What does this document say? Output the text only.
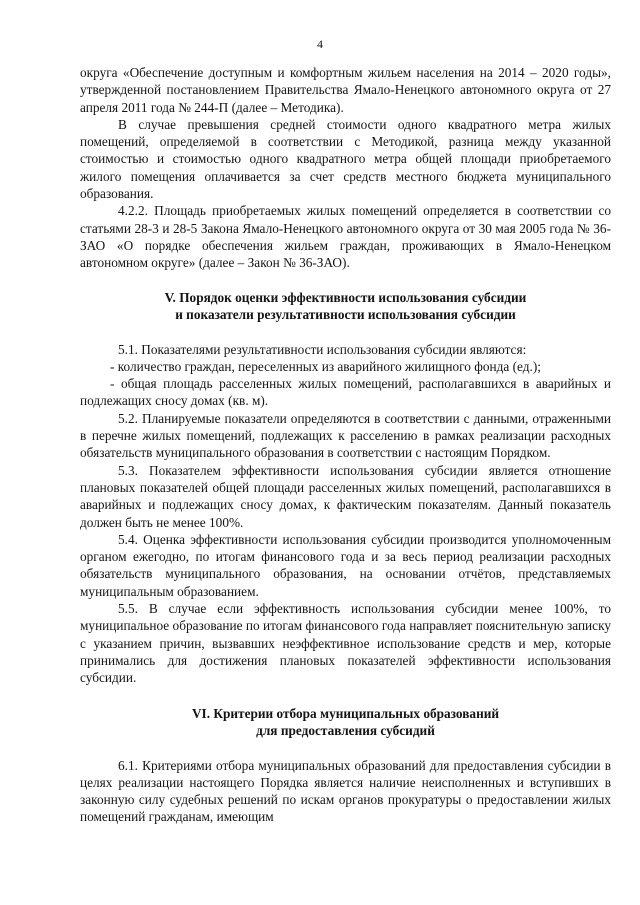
4

округа «Обеспечение доступным и комфортным жильем населения на 2014 – 2020 годы», утвержденной постановлением Правительства Ямало-Ненецкого автономного округа от 27 апреля 2011 года № 244-П (далее – Методика).

В случае превышения средней стоимости одного квадратного метра жилых помещений, определяемой в соответствии с Методикой, разница между указанной стоимостью и стоимостью одного квадратного метра общей площади приобретаемого жилого помещения оплачивается за счет средств местного бюджета муниципального образования.

4.2.2. Площадь приобретаемых жилых помещений определяется в соответствии со статьями 28-3 и 28-5 Закона Ямало-Ненецкого автономного округа от 30 мая 2005 года № 36-ЗАО «О порядке обеспечения жильем граждан, проживающих в Ямало-Ненецком автономном округе» (далее – Закон № 36-ЗАО).

V. Порядок оценки эффективности использования субсидии
и показатели результативности использования субсидии

5.1. Показателями результативности использования субсидии являются:

- количество граждан, переселенных из аварийного жилищного фонда (ед.);

- общая площадь расселенных жилых помещений, располагавшихся в аварийных и подлежащих сносу домах (кв. м).

5.2. Планируемые показатели определяются в соответствии с данными, отраженными в перечне жилых помещений, подлежащих к расселению в рамках реализации расходных обязательств муниципального образования в соответствии с настоящим Порядком.

5.3. Показателем эффективности использования субсидии является отношение плановых показателей общей площади расселенных жилых помещений, располагавшихся в аварийных и подлежащих сносу домах, к фактическим показателям. Данный показатель должен быть не менее 100%.

5.4. Оценка эффективности использования субсидии производится уполномоченным органом ежегодно, по итогам финансового года и за весь период реализации расходных обязательств муниципального образования, на основании отчётов, представляемых муниципальным образованием.

5.5. В случае если эффективность использования субсидии менее 100%, то муниципальное образование по итогам финансового года направляет пояснительную записку с указанием причин, вызвавших неэффективное использование средств и мер, которые принимались для достижения плановых показателей эффективности использования субсидии.

VI. Критерии отбора муниципальных образований
для предоставления субсидий

6.1. Критериями отбора муниципальных образований для предоставления субсидии в целях реализации настоящего Порядка является наличие неисполненных и вступивших в законную силу судебных решений по искам органов прокуратуры о предоставлении жилых помещений гражданам, имеющим
